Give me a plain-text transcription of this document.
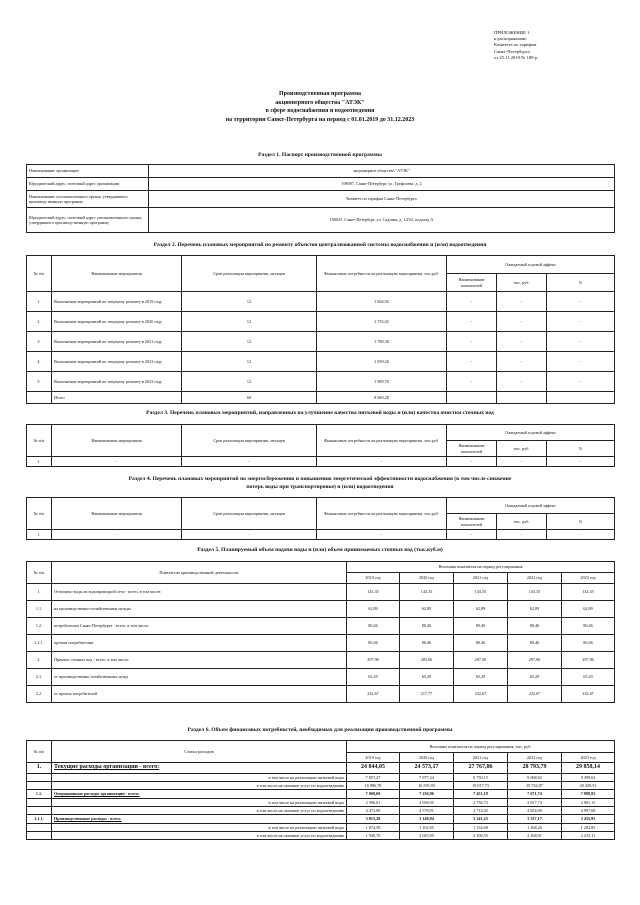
ПРИЛОЖЕНИЕ 1
к распоряжению
Комитета по тарифам
Санкт-Петербурга
от 25.11.2019 № 189-р
Производственная программа
акционерного общества "АТЭК"
в сфере водоснабжения и водоотведения
на территории Санкт-Петербурга на период с 01.01.2019 до 31.12.2023
Раздел 1. Паспорт производственной программы
Наименование организации	акционерное общество "АТЭК"
Юридический адрес, почтовый адрес организации	198097, Санкт-Петербург, ул. Трефолева, д. 2
Наименование уполномоченного органа, утвердившего производственную программу	Комитет по тарифам Санкт-Петербурга
Юридический адрес, почтовый адрес уполномоченного органа, утвердившего производственную программу	190025, Санкт-Петербург, ул. Садовая, д. 14/52, подъезд А
Раздел 2. Перечень плановых мероприятий по ремонту объектов централизованной системы водоснабжения и (или) водоотведения
№ п/п	Наименование мероприятия	Срок реализации мероприятия, месяцев	Финансовые потребности на реализацию мероприятия, тыс.руб.	Ожидаемый годовой эффект		
				Наименование показателей	тыс. руб.	%
1.	Выполнение мероприятий по текущему ремонту в 2019 году	12	1 604,92	-	-	-
2.	Выполнение мероприятий по текущему ремонту в 2020 году	12	1 735,02	-	-	-
3.	Выполнение мероприятий по текущему ремонту в 2021 году	12	1 780,38	-	-	-
4.	Выполнение мероприятий по текущему ремонту в 2022 году	12	1 839,26	-	-	-
5.	Выполнение мероприятий по текущему ремонту в 2023 году	12	1 889,70	-	-	-
	Итого	60	8 849,28			
Раздел 3. Перечень плановых мероприятий, направленных на улучшение качества питьевой воды и (или) качества очистки сточных вод
№ п/п	Наименование мероприятия	Срок реализации мероприятия, месяцев	Финансовые потребности на реализацию мероприятия, тыс.руб.	Ожидаемый годовой эффект		
				Наименование показателей	тыс. руб.	%
1.	-	-	-	-	-	-
Раздел 4. Перечень плановых мероприятий по энергосбережению и повышению энергетической эффективности водоснабжения (в том числе снижение
потерь воды при транспортировке) и (или) водоотведения
№ п/п	Наименование мероприятия	Срок реализации мероприятия, месяцев	Финансовые потребности на реализацию мероприятия, тыс.руб.	Ожидаемый годовой эффект		
				Наименование показателей	тыс. руб.	%
1.	-	-	-	-	-	-
Раздел 5. Планируемый объем подачи воды и (или) объем принимаемых сточных вод (тыс.куб.м)
№ п/п	Показатели производственной деятельности	Величина показателя на период регулирования				
		2019 год	2020 год	2021 год	2022 год	2023 год
1.	Отпущено воды из водопроводной сети - всего, в том числе:	143,35	143,35	143,35	143,35	143,35
1.1.	на производственно-хозяйственные нужды	62,89	62,89	62,89	62,89	62,89
1.2.	потребителям Санкт-Петербурга - всего, в том числе:	80,46	80,46	80,46	80,46	80,46
1.2.1.	прочим потребителям	80,46	80,46	80,46	80,46	80,46
2.	Принято сточных вод - всего, в том числе:	297,96	283,06	297,90	297,96	297,96
2.1.	от производственно-хозяйственных нужд	65,29	65,29	65,29	65,29	65,29
2.2.	от прочих потребителей	232,67	217,77	232,67	232,67	232,67
Раздел 6. Объем финансовых потребностей, необходимых для реализации производственной программы
№ п/п	Статьи расходов	Величина показателя на период регулирования, тыс. руб.				
		2019 год	2020 год	2021 год	2022 год	2023 год
1.	Текущие расходы организации - всего:	24 844,05	24 573,17	27 767,86	28 793,79	29 858,14
	в том числе на реализацию питьевой воды	7 857,27	7 977,24	8 750,15	9 068,92	9 399,63
	в том числе на оказание услуг по водоотведению	16 986,78	16 595,93	19 017,73	19 724,87	20 458,51
1.1.	Операционные расходы организации - всего:	7 069,69	7 236,96	7 451,18	7 671,74	7 898,83
	в том числе на реализацию питьевой воды	2 596,61	2 658,05	2 736,73	2 817,74	2 901,15
	в том числе на оказание услуг по водоотведению	4 473,08	4 578,91	4 714,45	4 854,00	4 997,68
1.1.1.	Производственные расходы - всего:	3 015,28	3 148,04	3 241,23	3 337,17	3 435,95
	в том числе на реализацию питьевой воды	1 074,58	1 102,05	1 134,68	1 168,26	1 202,85
	в том числе на оказание услуг по водоотведению	1 940,70	2 045,99	2 106,55	2 168,91	2 233,11
